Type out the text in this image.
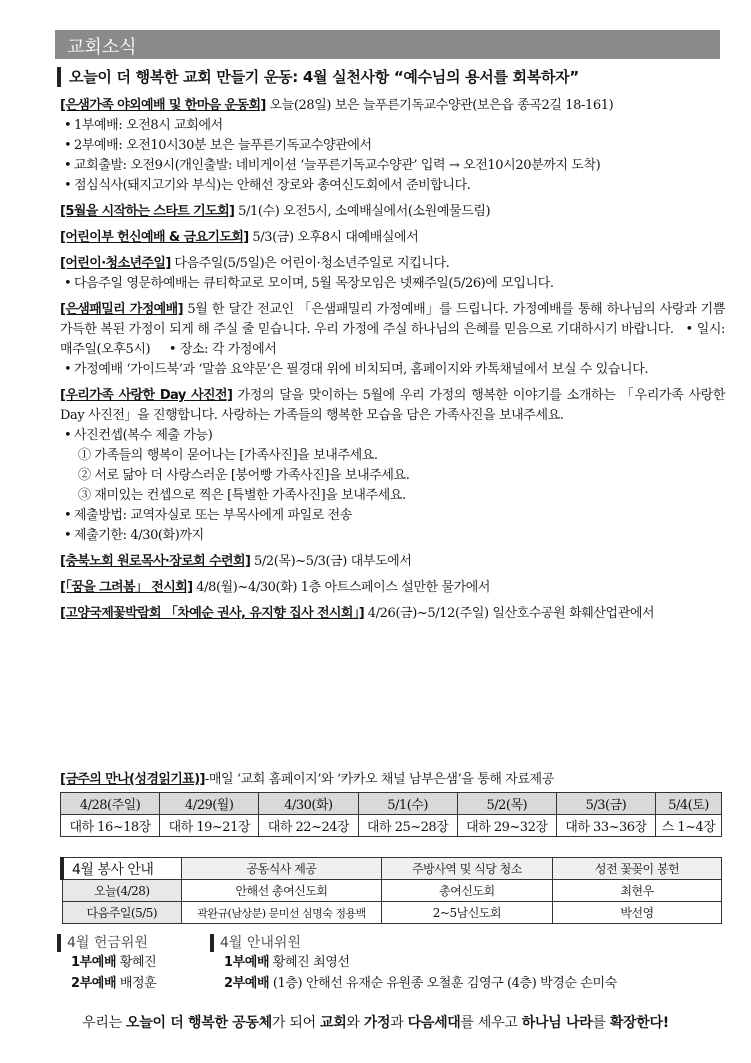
교회소식
오늘이 더 행복한 교회 만들기 운동: 4월 실천사항 “예수님의 용서를 회복하자”

[은샘가족 야외예배 및 한마음 운동회] 오늘(28일) 보은 늘푸른기독교수양관(보은읍 종곡2길 18-161)

• 1부예배: 오전8시 교회에서

• 2부예배: 오전10시30분 보은 늘푸른기독교수양관에서

• 교회출발: 오전9시(개인출발: 네비게이션 ‘늘푸른기독교수양관’ 입력 → 오전10시20분까지 도착)

• 점심식사(돼지고기와 부식)는 안해선 장로와 총여신도회에서 준비합니다.

[5월을 시작하는 스타트 기도회] 5/1(수) 오전5시, 소예배실에서(소원예물드림)

[어린이부 헌신예배 & 금요기도회] 5/3(금) 오후8시 대예배실에서

[어린이·청소년주일] 다음주일(5/5일)은 어린이·청소년주일로 지킵니다.

• 다음주일 영문하예배는 큐티학교로 모이며, 5월 목장모임은 넷째주일(5/26)에 모입니다.

[은샘패밀리 가정예배] 5월 한 달간 전교인 「은샘패밀리 가정예배」를 드립니다. 가정예배를 통해 하나님의 사랑과 기쁨 가득한 복된 가정이 되게 해 주실 줄 믿습니다. 우리 가정에 주실 하나님의 은혜를 믿음으로 기대하시기 바랍니다. • 일시: 매주일(오후5시) • 장소: 각 가정에서

• 가정예배 ‘가이드북’과 ‘말씀 요약문’은 필경대 위에 비치되며, 홈페이지와 카톡채널에서 보실 수 있습니다.

[우리가족 사랑한 Day 사진전] 가정의 달을 맞이하는 5월에 우리 가정의 행복한 이야기를 소개하는 「우리가족 사랑한 Day 사진전」을 진행합니다. 사랑하는 가족들의 행복한 모습을 담은 가족사진을 보내주세요.

• 사진컨셉(복수 제출 가능)

① 가족들의 행복이 묻어나는 [가족사진]을 보내주세요.

② 서로 닮아 더 사랑스러운 [붕어빵 가족사진]을 보내주세요.

③ 재미있는 컨셉으로 찍은 [특별한 가족사진]을 보내주세요.

• 제출방법: 교역자실로 또는 부목사에게 파일로 전송

• 제출기한: 4/30(화)까지

[충북노회 원로목사·장로회 수련회] 5/2(목)~5/3(금) 대부도에서

[「꿈을 그려봄」 전시회] 4/8(월)~4/30(화) 1층 아트스페이스 설만한 물가에서

[고양국제꽃박람회 「차예순 권사, 유지향 집사 전시회」] 4/26(금)~5/12(주일) 일산호수공원 화훼산업관에서

[금주의 만나(성경읽기표)]-매일 ‘교회 홈페이지’와 ‘카카오 채널 남부은샘’을 통해 자료제공
4/28(주일)	4/29(월)	4/30(화)	5/1(수)	5/2(목)	5/3(금)	5/4(토)
대하 16~18장	대하 19~21장	대하 22~24장	대하 25~28장	대하 29~32장	대하 33~36장	스 1~4장
4월 봉사 안내	공동식사 제공	주방사역 및 식당 청소	성전 꽃꽂이 봉헌
오늘(4/28)	안해선 총여신도회	총여신도회	최현우
다음주일(5/5)	곽완규(남상분) 문미선 심명숙 정용백	2~5남신도회	박선영
4월 헌금위원
1부예배 황혜진
2부예배 배정훈
4월 안내위원
1부예배 황혜진 최영선
2부예배 (1층) 안해선 유재순 유원종 오철훈 김영구 (4층) 박경순 손미숙
우리는 오늘이 더 행복한 공동체가 되어 교회와 가정과 다음세대를 세우고 하나님 나라를 확장한다!
